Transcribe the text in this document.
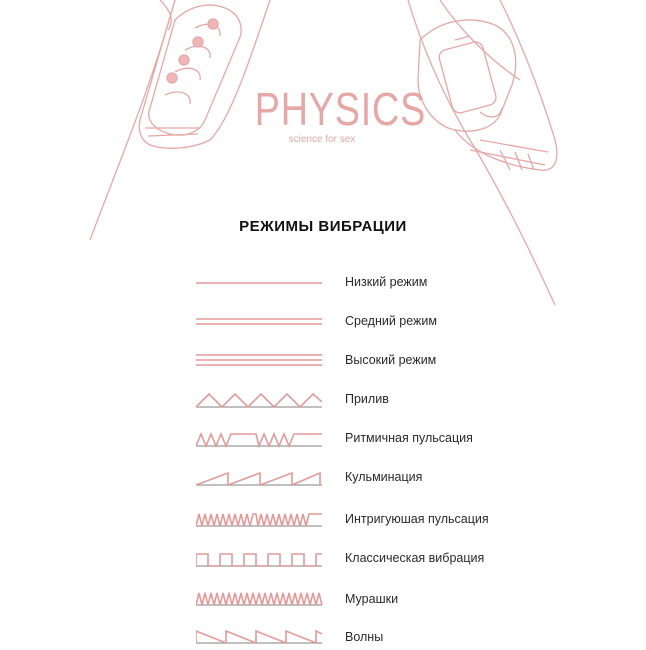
PHYSICS
science for sex
РЕЖИМЫ ВИБРАЦИИ
Низкий режим
Средний режим
Высокий режим
Прилив
Ритмичная пульсация
Кульминация
Интригуюшая пульсация
Классическая вибрация
Мурашки
Волны
